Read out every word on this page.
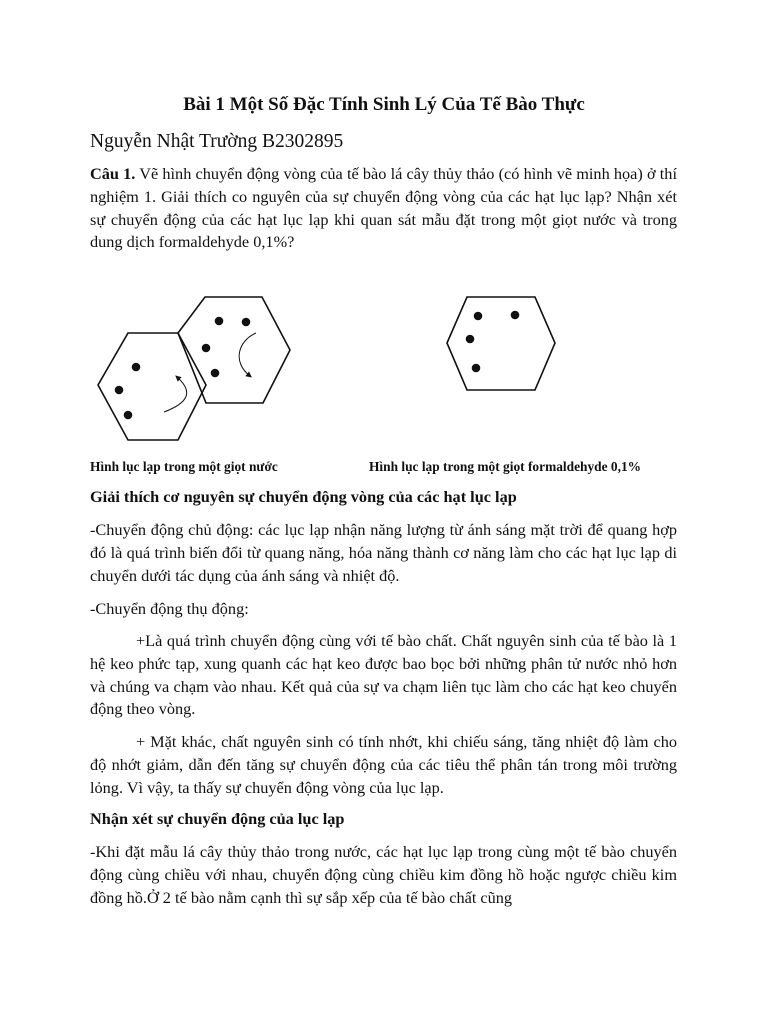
Bài 1 Một Số Đặc Tính Sinh Lý Của Tế Bào Thực
Nguyễn Nhật Trường B2302895
Câu 1. Vẽ hình chuyển động vòng của tế bào lá cây thủy thảo (có hình vẽ minh họa) ở thí nghiệm 1. Giải thích co nguyên của sự chuyển động vòng của các hạt lục lạp? Nhận xét sự chuyển động của các hạt lục lạp khi quan sát mẫu đặt trong một giọt nước và trong dung dịch formaldehyde 0,1%?
Hình lục lạp trong một giọt nước	Hình lục lạp trong một giọt formaldehyde 0,1%
Giải thích cơ nguyên sự chuyển động vòng của các hạt lục lạp
-Chuyển động chủ động: các lục lạp nhận năng lượng từ ánh sáng mặt trời để quang hợp đó là quá trình biến đổi từ quang năng, hóa năng thành cơ năng làm cho các hạt lục lạp di chuyển dưới tác dụng của ánh sáng và nhiệt độ.
-Chuyển động thụ động:
+Là quá trình chuyển động cùng với tế bào chất. Chất nguyên sinh của tế bào là 1 hệ keo phức tạp, xung quanh các hạt keo được bao bọc bởi những phân tử nước nhỏ hơn và chúng va chạm vào nhau. Kết quả của sự va chạm liên tục làm cho các hạt keo chuyển động theo vòng.
+ Mặt khác, chất nguyên sinh có tính nhớt, khi chiếu sáng, tăng nhiệt độ làm cho độ nhớt giảm, dẫn đến tăng sự chuyển động của các tiêu thể phân tán trong môi trường lỏng. Vì vậy, ta thấy sự chuyển động vòng của lục lạp.
Nhận xét sự chuyển động của lục lạp
-Khi đặt mẫu lá cây thủy thảo trong nước, các hạt lục lạp trong cùng một tế bào chuyển động cùng chiều với nhau, chuyển động cùng chiều kim đồng hồ hoặc ngược chiều kim đồng hồ.Ở 2 tế bào nằm cạnh thì sự sắp xếp của tế bào chất cũng
